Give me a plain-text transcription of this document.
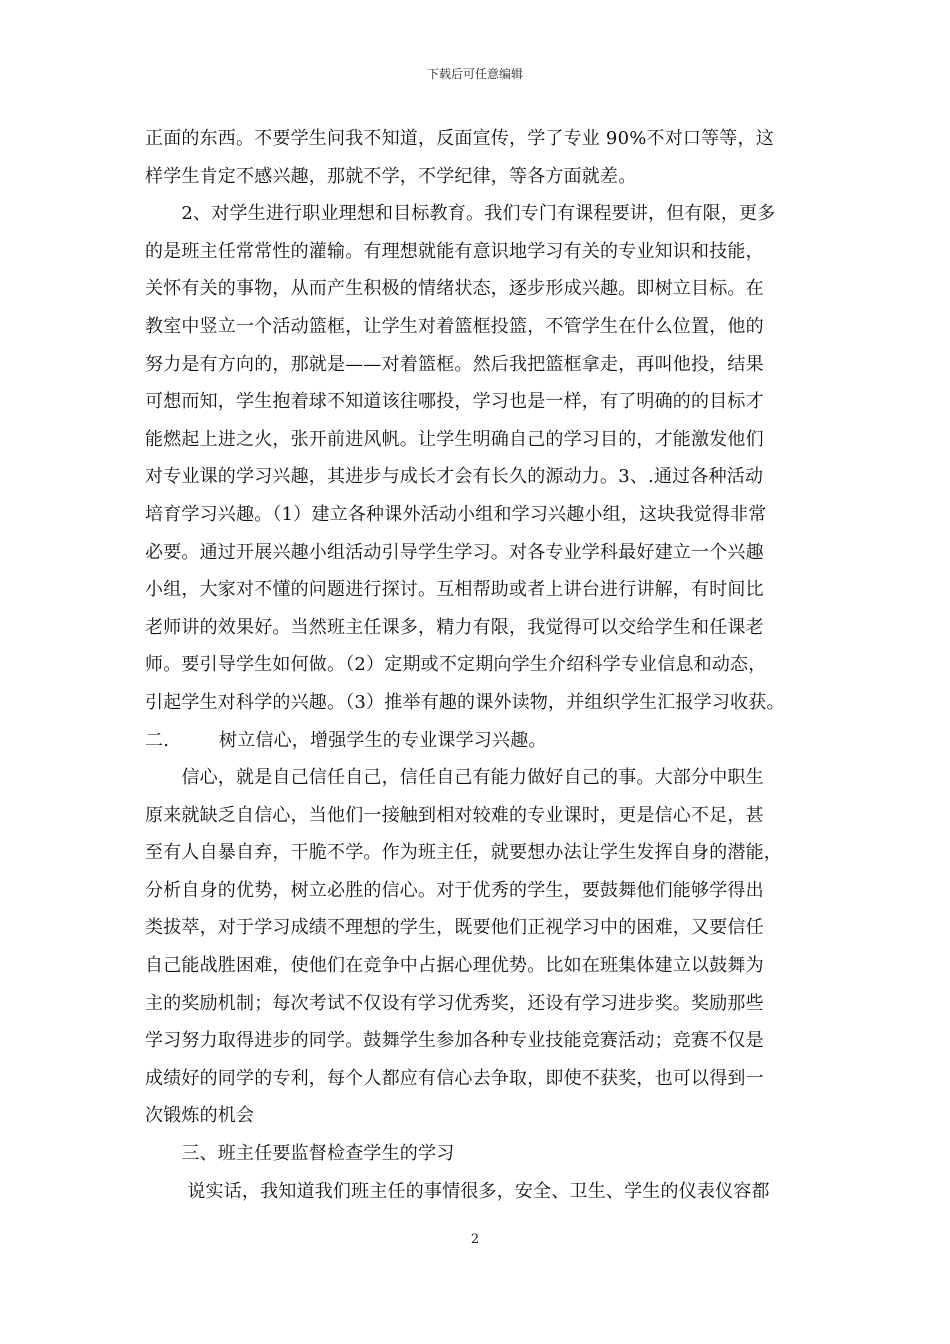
下载后可任意编辑
正面的东西。不要学生问我不知道，反面宣传，学了专业 90%不对口等等，这
样学生肯定不感兴趣，那就不学，不学纪律，等各方面就差。
　　2、对学生进行职业理想和目标教育。我们专门有课程要讲，但有限，更多
的是班主任常常性的灌输。有理想就能有意识地学习有关的专业知识和技能，
关怀有关的事物，从而产生积极的情绪状态，逐步形成兴趣。即树立目标。在
教室中竖立一个活动篮框，让学生对着篮框投篮，不管学生在什么位置，他的
努力是有方向的，那就是——对着篮框。然后我把篮框拿走，再叫他投，结果
可想而知，学生抱着球不知道该往哪投，学习也是一样，有了明确的的目标才
能燃起上进之火，张开前进风帆。让学生明确自己的学习目的，才能激发他们
对专业课的学习兴趣，其进步与成长才会有长久的源动力。3、.通过各种活动
培育学习兴趣。（1）建立各种课外活动小组和学习兴趣小组，这块我觉得非常
必要。通过开展兴趣小组活动引导学生学习。对各专业学科最好建立一个兴趣
小组，大家对不懂的问题进行探讨。互相帮助或者上讲台进行讲解，有时间比
老师讲的效果好。当然班主任课多，精力有限，我觉得可以交给学生和任课老
师。要引导学生如何做。（2）定期或不定期向学生介绍科学专业信息和动态，
引起学生对科学的兴趣。（3）推举有趣的课外读物，并组织学生汇报学习收获。
二.	树立信心，增强学生的专业课学习兴趣。
　　信心，就是自己信任自己，信任自己有能力做好自己的事。大部分中职生
原来就缺乏自信心，当他们一接触到相对较难的专业课时，更是信心不足，甚
至有人自暴自弃，干脆不学。作为班主任，就要想办法让学生发挥自身的潜能，
分析自身的优势，树立必胜的信心。对于优秀的学生，要鼓舞他们能够学得出
类拔萃，对于学习成绩不理想的学生，既要他们正视学习中的困难，又要信任
自己能战胜困难，使他们在竞争中占据心理优势。比如在班集体建立以鼓舞为
主的奖励机制；每次考试不仅设有学习优秀奖，还设有学习进步奖。奖励那些
学习努力取得进步的同学。鼓舞学生参加各种专业技能竞赛活动；竞赛不仅是
成绩好的同学的专利，每个人都应有信心去争取，即使不获奖，也可以得到一
次锻炼的机会
　　三、班主任要监督检查学生的学习
　　 说实话，我知道我们班主任的事情很多，安全、卫生、学生的仪表仪容都
2
